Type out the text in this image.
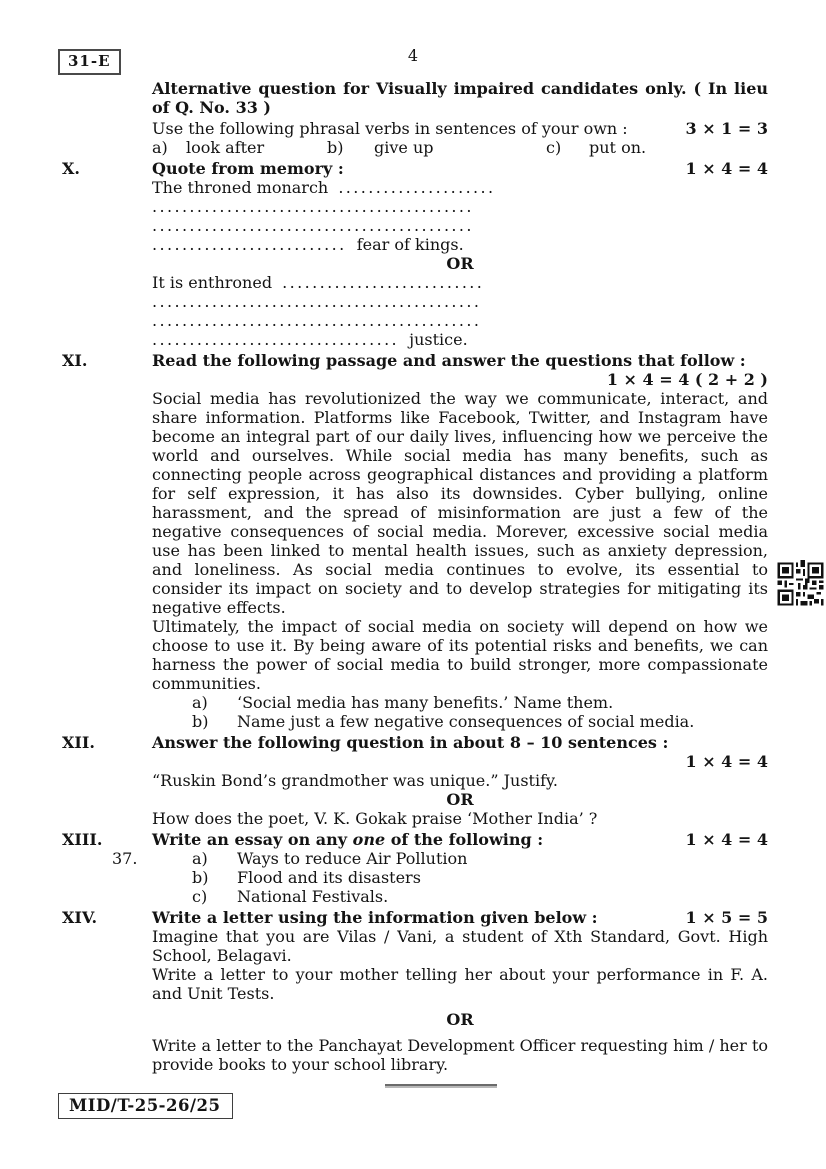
31-E	4
Alternative question for Visually impaired candidates only. ( In lieu of Q. No. 33 )
Use the following phrasal verbs in sentences of your own :	3 × 1 = 3
a) look after	b) give up	c) put on.
X.	Quote from memory :	1 × 4 = 4
The throned monarch .....................
...........................................
...........................................
.......................... fear of kings.
OR
It is enthroned ...........................
............................................
............................................
................................. justice.
XI.	Read the following passage and answer the questions that follow :
1 × 4 = 4 ( 2 + 2 )
Social media has revolutionized the way we communicate, interact, and share information. Platforms like Facebook, Twitter, and Instagram have become an integral part of our daily lives, influencing how we perceive the world and ourselves. While social media has many benefits, such as connecting people across geographical distances and providing a platform for self expression, it has also its downsides. Cyber bullying, online harassment, and the spread of misinformation are just a few of the negative consequences of social media. Morever, excessive social media use has been linked to mental health issues, such as anxiety depression, and loneliness. As social media continues to evolve, its essential to consider its impact on society and to develop strategies for mitigating its negative effects.
Ultimately, the impact of social media on society will depend on how we choose to use it. By being aware of its potential risks and benefits, we can harness the power of social media to build stronger, more compassionate communities.
a) ‘Social media has many benefits.’ Name them.
b) Name just a few negative consequences of social media.
XII.	Answer the following question in about 8 – 10 sentences :
1 × 4 = 4
“Ruskin Bond’s grandmother was unique.” Justify.
OR
How does the poet, V. K. Gokak praise ‘Mother India’ ?
XIII.	Write an essay on any one of the following :	1 × 4 = 4
37.	a) Ways to reduce Air Pollution
b) Flood and its disasters
c) National Festivals.
XIV.	Write a letter using the information given below :	1 × 5 = 5
Imagine that you are Vilas / Vani, a student of Xth Standard, Govt. High School, Belagavi.
Write a letter to your mother telling her about your performance in F. A. and Unit Tests.
OR
Write a letter to the Panchayat Development Officer requesting him / her to provide books to your school library.
MID/T-25-26/25
